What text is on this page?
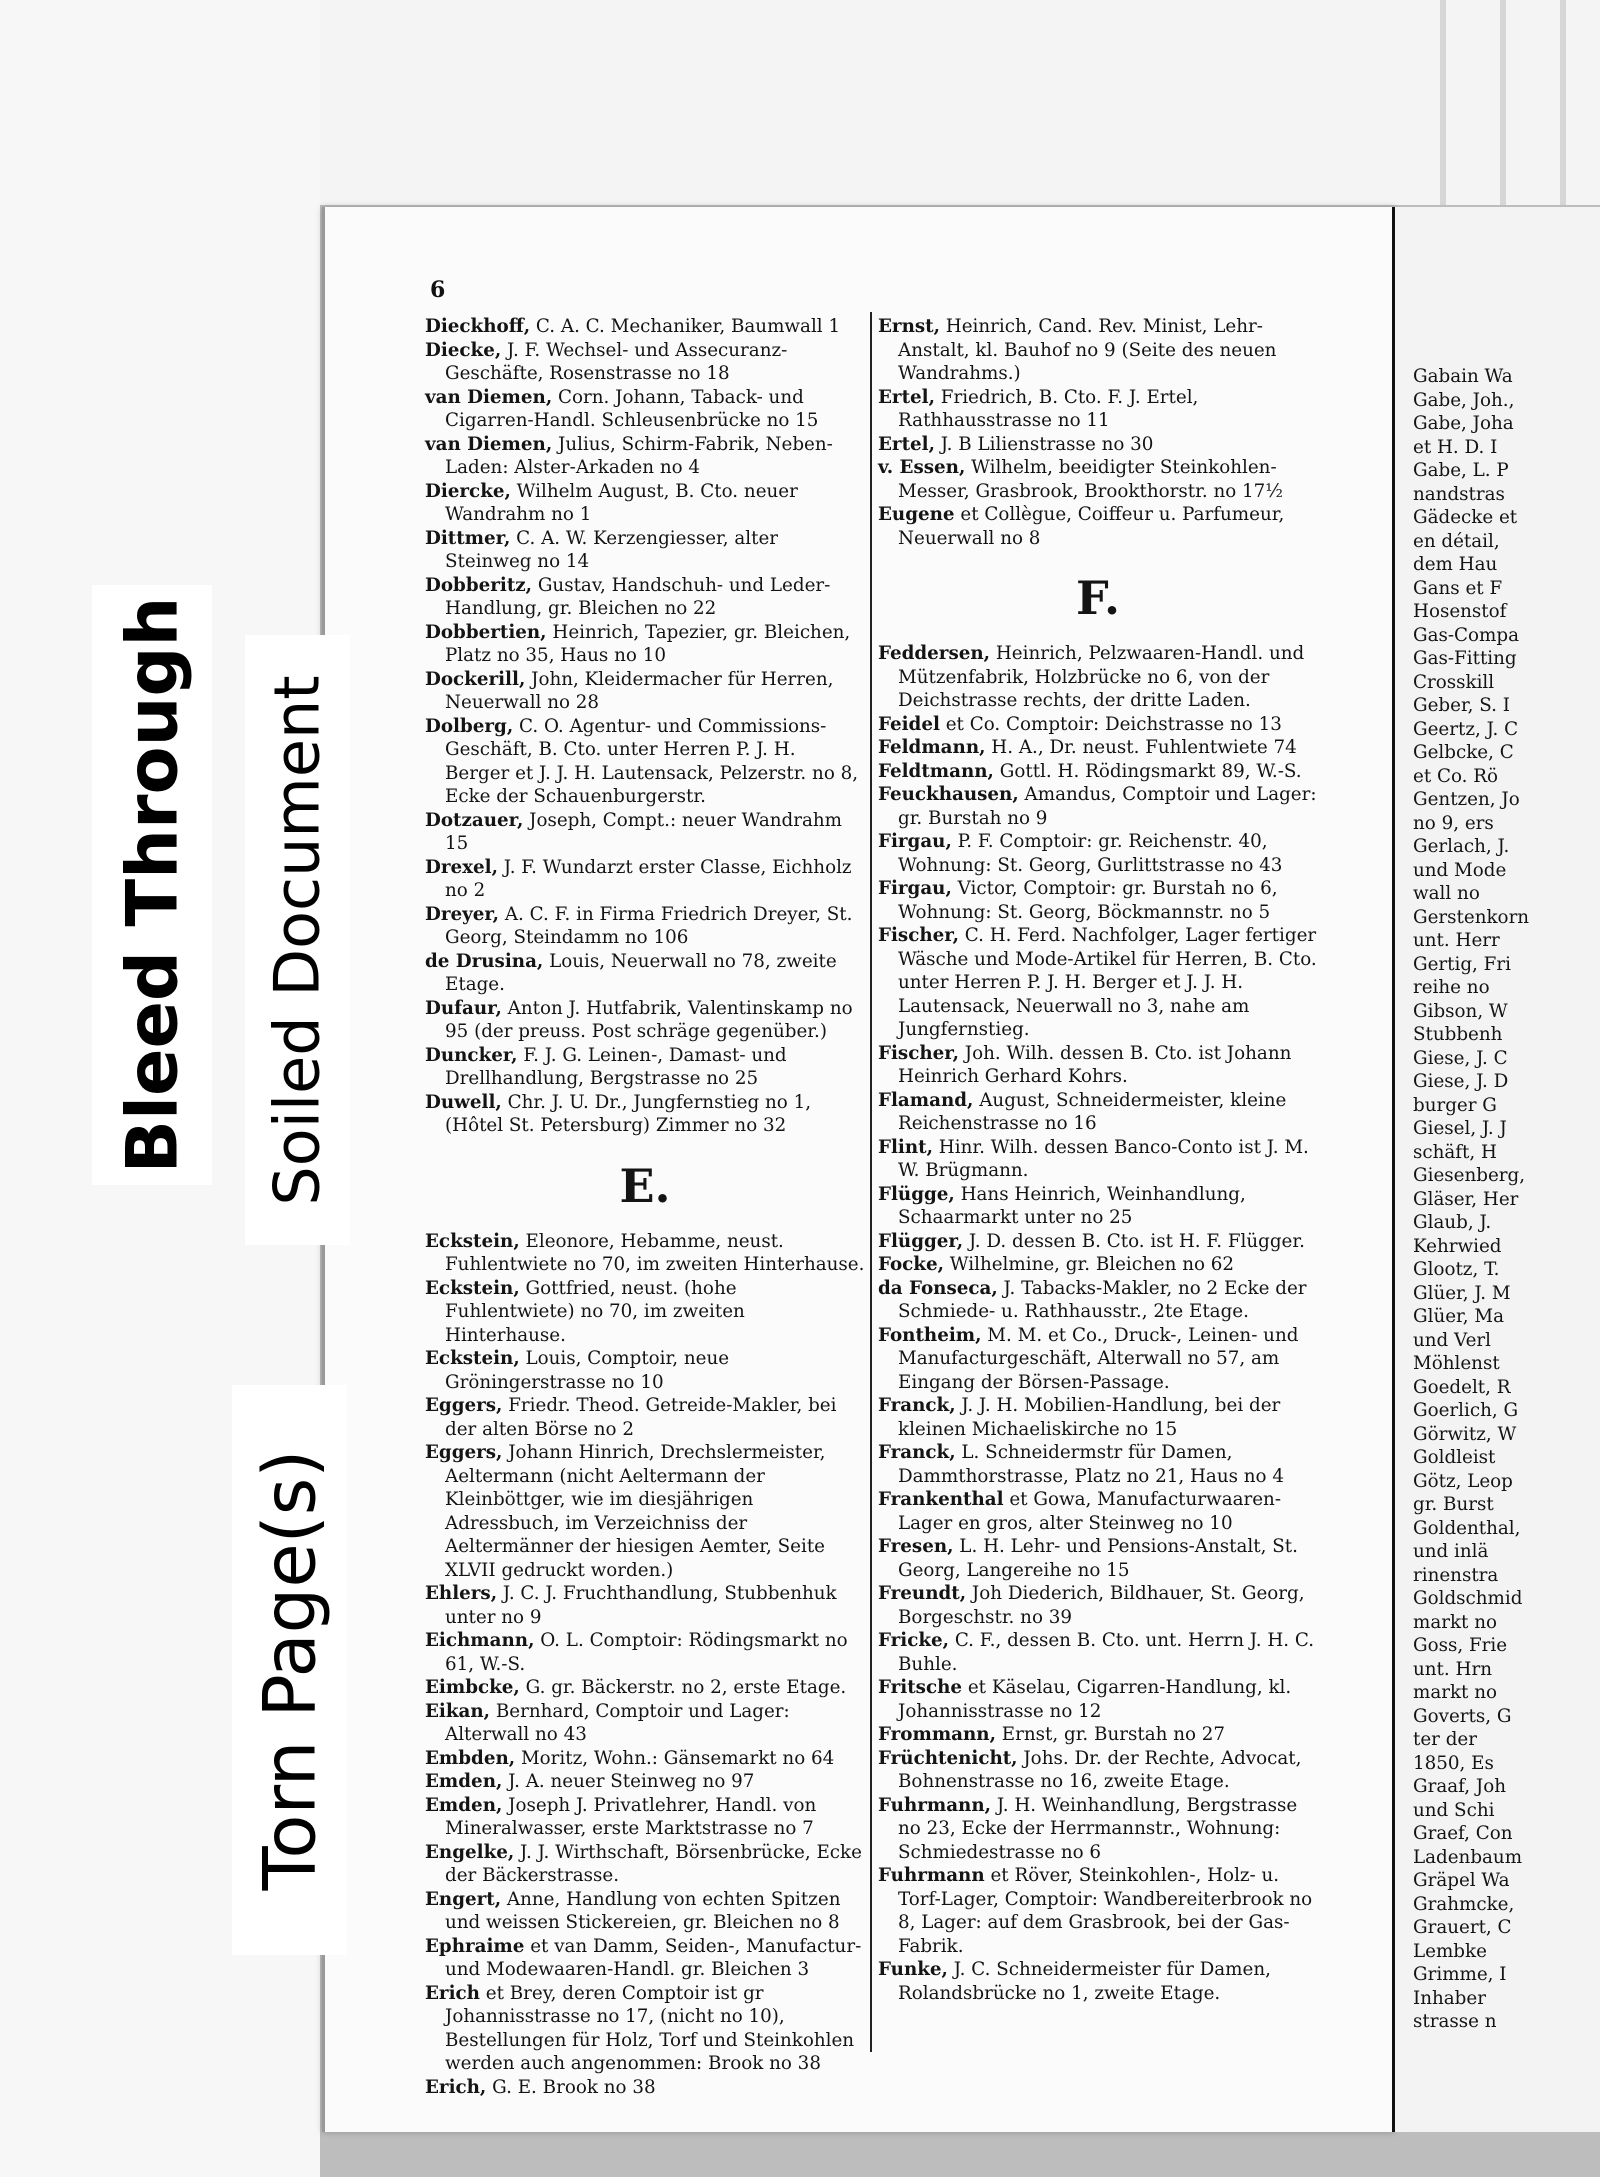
6

Dieckhoff, C. A. C. Mechaniker, Baumwall 1

Diecke, J. F. Wechsel- und Assecuranz-Geschäfte, Rosenstrasse no 18

van Diemen, Corn. Johann, Taback- und Cigarren-Handl. Schleusenbrücke no 15

van Diemen, Julius, Schirm-Fabrik, Neben-Laden: Alster-Arkaden no 4

Diercke, Wilhelm August, B. Cto. neuer Wandrahm no 1

Dittmer, C. A. W. Kerzengiesser, alter Steinweg no 14

Dobberitz, Gustav, Handschuh- und Leder-Handlung, gr. Bleichen no 22

Dobbertien, Heinrich, Tapezier, gr. Bleichen, Platz no 35, Haus no 10

Dockerill, John, Kleidermacher für Herren, Neuerwall no 28

Dolberg, C. O. Agentur- und Commissions-Geschäft, B. Cto. unter Herren P. J. H. Berger et J. J. H. Lautensack, Pelzerstr. no 8, Ecke der Schauenburgerstr.

Dotzauer, Joseph, Compt.: neuer Wandrahm 15

Drexel, J. F. Wundarzt erster Classe, Eichholz no 2

Dreyer, A. C. F. in Firma Friedrich Dreyer, St. Georg, Steindamm no 106

de Drusina, Louis, Neuerwall no 78, zweite Etage.

Dufaur, Anton J. Hutfabrik, Valentinskamp no 95 (der preuss. Post schräge gegenüber.)

Duncker, F. J. G. Leinen-, Damast- und Drellhandlung, Bergstrasse no 25

Duwell, Chr. J. U. Dr., Jungfernstieg no 1, (Hôtel St. Petersburg) Zimmer no 32

E.

Eckstein, Eleonore, Hebamme, neust. Fuhlentwiete no 70, im zweiten Hinterhause.

Eckstein, Gottfried, neust. (hohe Fuhlentwiete) no 70, im zweiten Hinterhause.

Eckstein, Louis, Comptoir, neue Gröningerstrasse no 10

Eggers, Friedr. Theod. Getreide-Makler, bei der alten Börse no 2

Eggers, Johann Hinrich, Drechslermeister, Aeltermann (nicht Aeltermann der Kleinböttger, wie im diesjährigen Adressbuch, im Verzeichniss der Aeltermänner der hiesigen Aemter, Seite XLVII gedruckt worden.)

Ehlers, J. C. J. Fruchthandlung, Stubbenhuk unter no 9

Eichmann, O. L. Comptoir: Rödingsmarkt no 61, W.-S.

Eimbcke, G. gr. Bäckerstr. no 2, erste Etage.

Eikan, Bernhard, Comptoir und Lager: Alterwall no 43

Embden, Moritz, Wohn.: Gänsemarkt no 64

Emden, J. A. neuer Steinweg no 97

Emden, Joseph J. Privatlehrer, Handl. von Mineralwasser, erste Marktstrasse no 7

Engelke, J. J. Wirthschaft, Börsenbrücke, Ecke der Bäckerstrasse.

Engert, Anne, Handlung von echten Spitzen und weissen Stickereien, gr. Bleichen no 8

Ephraime et van Damm, Seiden-, Manufactur- und Modewaaren-Handl. gr. Bleichen 3

Erich et Brey, deren Comptoir ist gr Johannisstrasse no 17, (nicht no 10), Bestellungen für Holz, Torf und Steinkohlen werden auch angenommen: Brook no 38

Erich, G. E. Brook no 38

Ernst, Heinrich, Cand. Rev. Minist, Lehr-Anstalt, kl. Bauhof no 9 (Seite des neuen Wandrahms.)

Ertel, Friedrich, B. Cto. F. J. Ertel, Rathhausstrasse no 11

Ertel, J. B Lilienstrasse no 30

v. Essen, Wilhelm, beeidigter Steinkohlen-Messer, Grasbrook, Brookthorstr. no 17½

Eugene et Collègue, Coiffeur u. Parfumeur, Neuerwall no 8

F.

Feddersen, Heinrich, Pelzwaaren-Handl. und Mützenfabrik, Holzbrücke no 6, von der Deichstrasse rechts, der dritte Laden.

Feidel et Co. Comptoir: Deichstrasse no 13

Feldmann, H. A., Dr. neust. Fuhlentwiete 74

Feldtmann, Gottl. H. Rödingsmarkt 89, W.-S.

Feuckhausen, Amandus, Comptoir und Lager: gr. Burstah no 9

Firgau, P. F. Comptoir: gr. Reichenstr. 40, Wohnung: St. Georg, Gurlittstrasse no 43

Firgau, Victor, Comptoir: gr. Burstah no 6, Wohnung: St. Georg, Böckmannstr. no 5

Fischer, C. H. Ferd. Nachfolger, Lager fertiger Wäsche und Mode-Artikel für Herren, B. Cto. unter Herren P. J. H. Berger et J. J. H. Lautensack, Neuerwall no 3, nahe am Jungfernstieg.

Fischer, Joh. Wilh. dessen B. Cto. ist Johann Heinrich Gerhard Kohrs.

Flamand, August, Schneidermeister, kleine Reichenstrasse no 16

Flint, Hinr. Wilh. dessen Banco-Conto ist J. M. W. Brügmann.

Flügge, Hans Heinrich, Weinhandlung, Schaarmarkt unter no 25

Flügger, J. D. dessen B. Cto. ist H. F. Flügger.

Focke, Wilhelmine, gr. Bleichen no 62

da Fonseca, J. Tabacks-Makler, no 2 Ecke der Schmiede- u. Rathhausstr., 2te Etage.

Fontheim, M. M. et Co., Druck-, Leinen- und Manufacturgeschäft, Alterwall no 57, am Eingang der Börsen-Passage.

Franck, J. J. H. Mobilien-Handlung, bei der kleinen Michaeliskirche no 15

Franck, L. Schneidermstr für Damen, Dammthorstrasse, Platz no 21, Haus no 4

Frankenthal et Gowa, Manufacturwaaren-Lager en gros, alter Steinweg no 10

Fresen, L. H. Lehr- und Pensions-Anstalt, St. Georg, Langereihe no 15

Freundt, Joh Diederich, Bildhauer, St. Georg, Borgeschstr. no 39

Fricke, C. F., dessen B. Cto. unt. Herrn J. H. C. Buhle.

Fritsche et Käselau, Cigarren-Handlung, kl. Johannisstrasse no 12

Frommann, Ernst, gr. Burstah no 27

Früchtenicht, Johs. Dr. der Rechte, Advocat, Bohnenstrasse no 16, zweite Etage.

Fuhrmann, J. H. Weinhandlung, Bergstrasse no 23, Ecke der Herrmannstr., Wohnung: Schmiedestrasse no 6

Fuhrmann et Röver, Steinkohlen-, Holz- u. Torf-Lager, Comptoir: Wandbereiterbrook no 8, Lager: auf dem Grasbrook, bei der Gas-Fabrik.

Funke, J. C. Schneidermeister für Damen, Rolandsbrücke no 1, zweite Etage.

Gabain Wa
Gabe, Joh.,
Gabe, Joha
et H. D. I
Gabe, L. P
nandstras
Gädecke et
en détail,
dem Hau
Gans et F
Hosenstof
Gas-Compa
Gas-Fitting
Crosskill
Geber, S. I
Geertz, J. C
Gelbcke, C
et Co. Rö
Gentzen, Jo
no 9, ers
Gerlach, J.
und Mode
wall no
Gerstenkorn
unt. Herr
Gertig, Fri
reihe no
Gibson, W
Stubbenh
Giese, J. C
Giese, J. D
burger G
Giesel, J. J
schäft, H
Giesenberg,
Gläser, Her
Glaub, J.
Kehrwied
Glootz, T.
Glüer, J. M
Glüer, Ma
und Verl
Möhlenst
Goedelt, R
Goerlich, G
Görwitz, W
Goldleist
Götz, Leop
gr. Burst
Goldenthal,
und inlä
rinenstra
Goldschmid
markt no
Goss, Frie
unt. Hrn
markt no
Goverts, G
ter der
1850, Es
Graaf, Joh
und Schi
Graef, Con
Ladenbaum
Gräpel Wa
Grahmcke,
Grauert, C
Lembke
Grimme, I
Inhaber
strasse n
Bleed Through Soiled Document
Torn Page(s)
